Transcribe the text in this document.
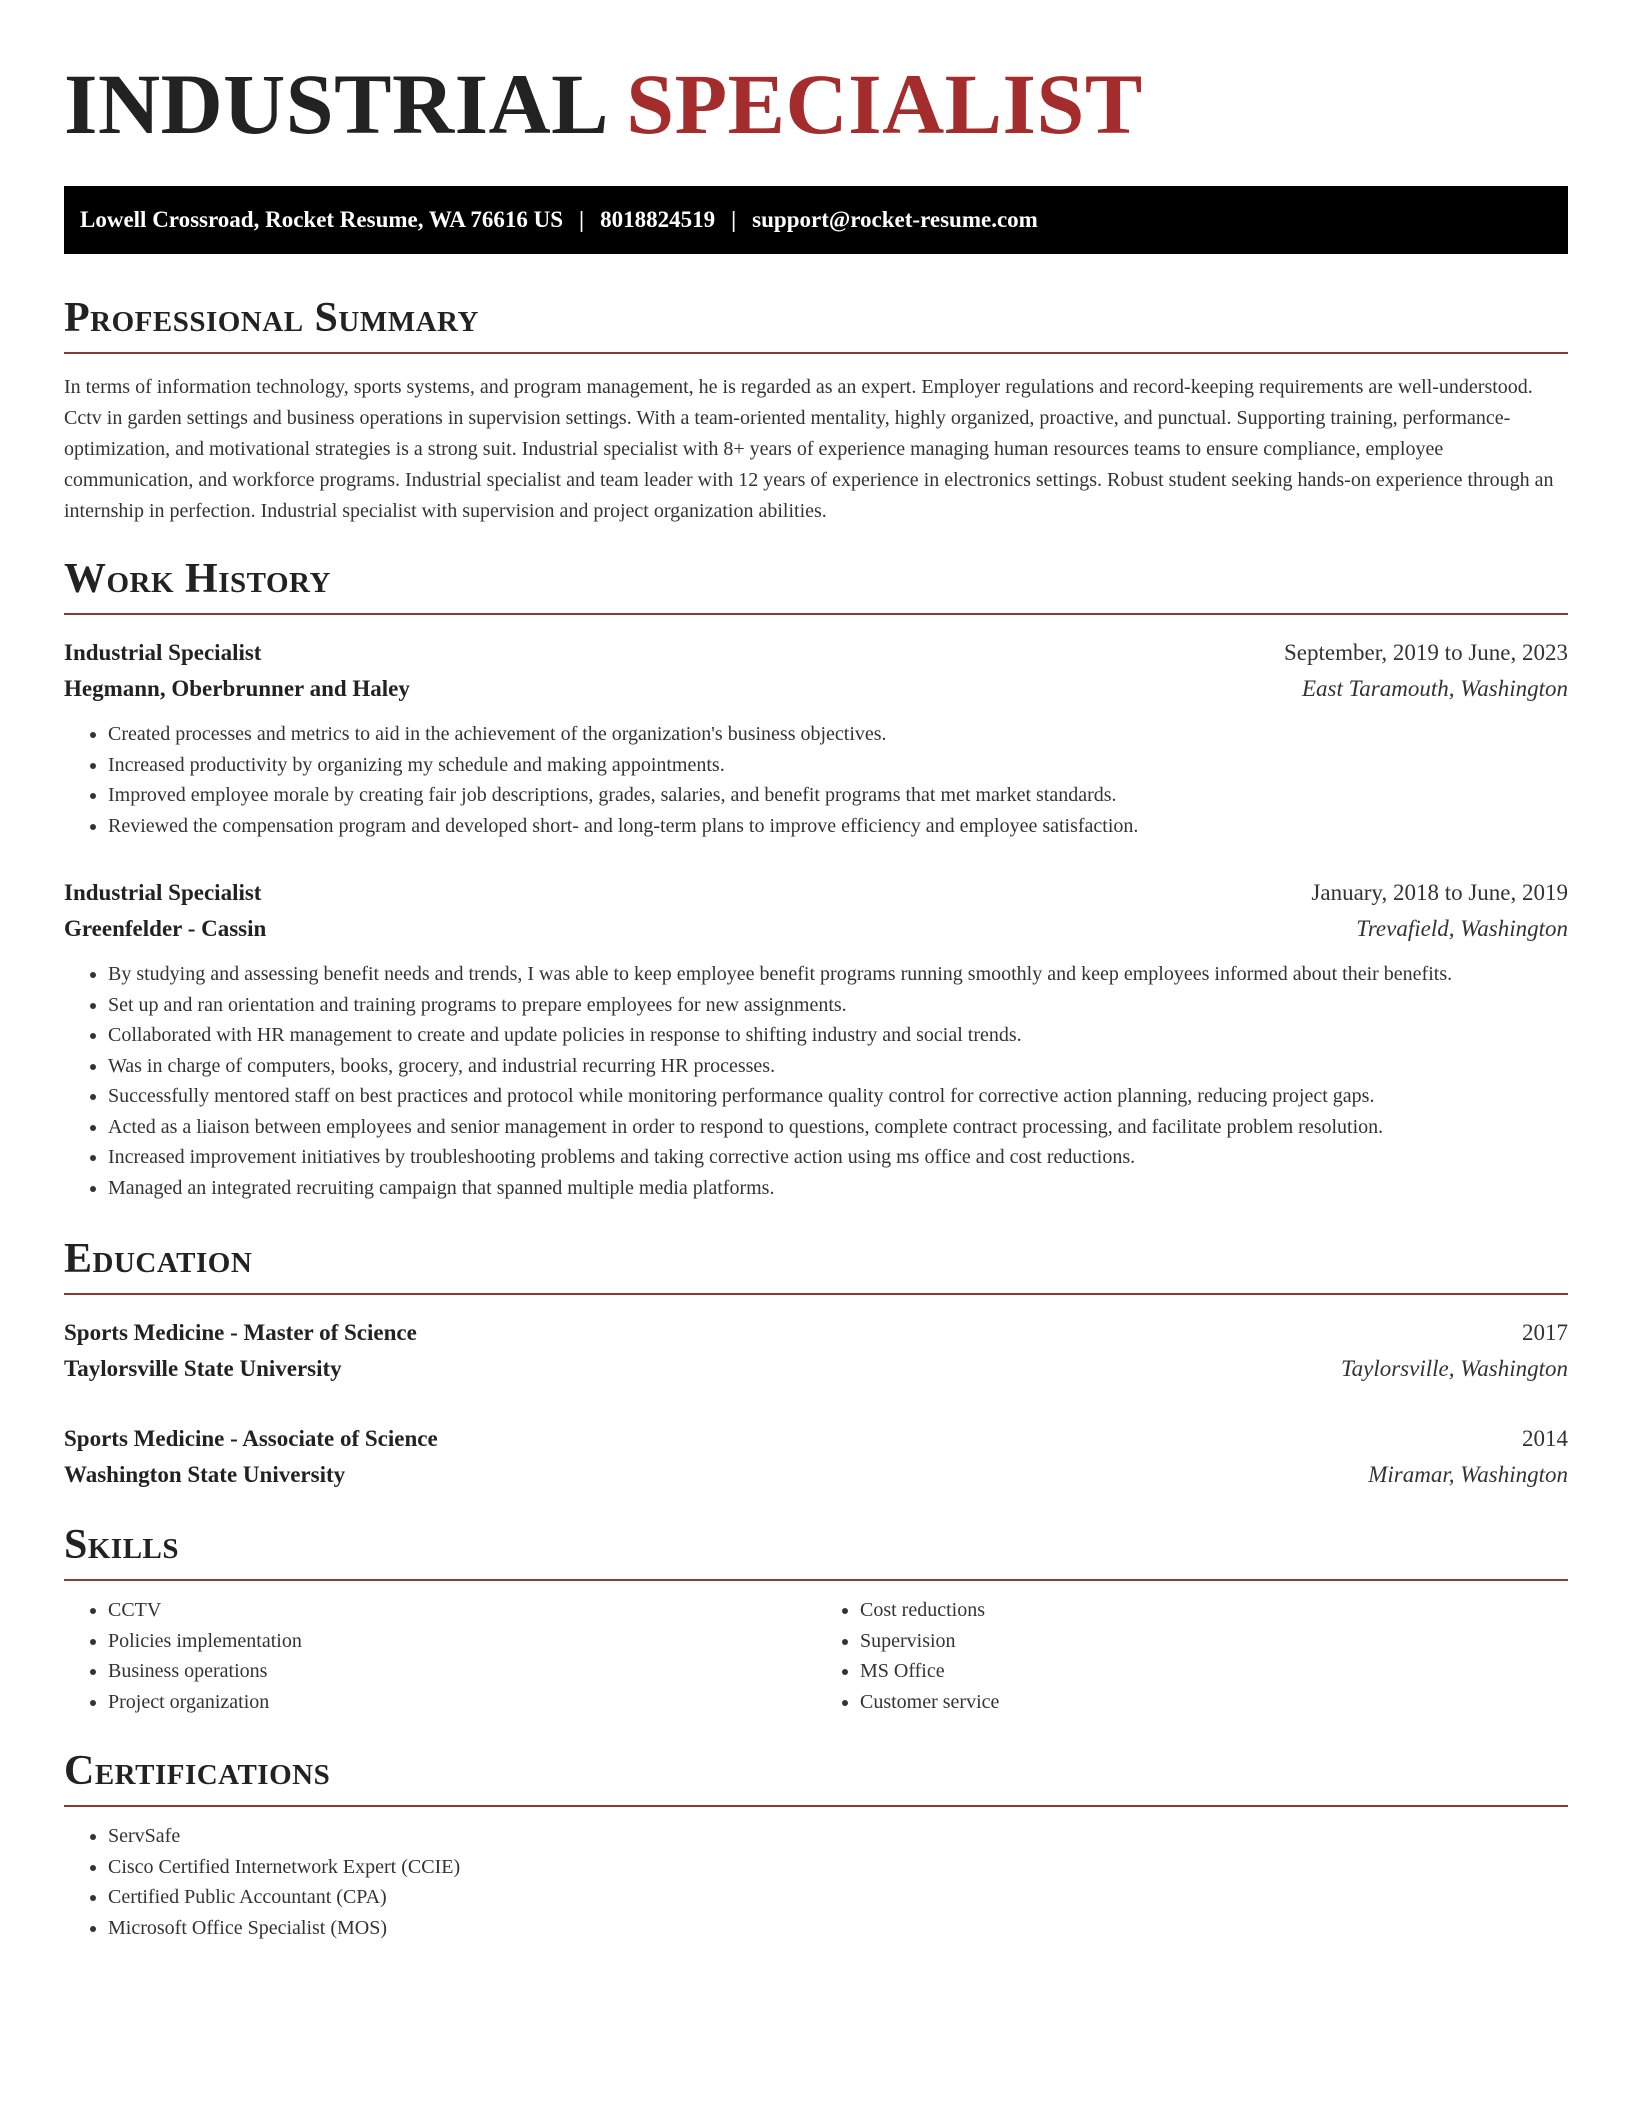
INDUSTRIAL SPECIALIST
Lowell Crossroad, Rocket Resume, WA 76616 US | 8018824519 | support@rocket-resume.com
Professional Summary

In terms of information technology, sports systems, and program management, he is regarded as an expert. Employer regulations and record-keeping requirements are well-understood. Cctv in garden settings and business operations in supervision settings. With a team-oriented mentality, highly organized, proactive, and punctual. Supporting training, performance-optimization, and motivational strategies is a strong suit. Industrial specialist with 8+ years of experience managing human resources teams to ensure compliance, employee communication, and workforce programs. Industrial specialist and team leader with 12 years of experience in electronics settings. Robust student seeking hands-on experience through an internship in perfection. Industrial specialist with supervision and project organization abilities.

Work History
Industrial Specialist	September, 2019 to June, 2023
Hegmann, Oberbrunner and Haley	East Taramouth, Washington
• Created processes and metrics to aid in the achievement of the organization's business objectives.
• Increased productivity by organizing my schedule and making appointments.
• Improved employee morale by creating fair job descriptions, grades, salaries, and benefit programs that met market standards.
• Reviewed the compensation program and developed short- and long-term plans to improve efficiency and employee satisfaction.
Industrial Specialist	January, 2018 to June, 2019
Greenfelder - Cassin	Trevafield, Washington
• By studying and assessing benefit needs and trends, I was able to keep employee benefit programs running smoothly and keep employees informed about their benefits.
• Set up and ran orientation and training programs to prepare employees for new assignments.
• Collaborated with HR management to create and update policies in response to shifting industry and social trends.
• Was in charge of computers, books, grocery, and industrial recurring HR processes.
• Successfully mentored staff on best practices and protocol while monitoring performance quality control for corrective action planning, reducing project gaps.
• Acted as a liaison between employees and senior management in order to respond to questions, complete contract processing, and facilitate problem resolution.
• Increased improvement initiatives by troubleshooting problems and taking corrective action using ms office and cost reductions.
• Managed an integrated recruiting campaign that spanned multiple media platforms.
Education
Sports Medicine - Master of Science	2017
Taylorsville State University	Taylorsville, Washington
Sports Medicine - Associate of Science	2014
Washington State University	Miramar, Washington
Skills
• CCTV
• Policies implementation
• Business operations
• Project organization
• Cost reductions
• Supervision
• MS Office
• Customer service
Certifications
• ServSafe
• Cisco Certified Internetwork Expert (CCIE)
• Certified Public Accountant (CPA)
• Microsoft Office Specialist (MOS)
